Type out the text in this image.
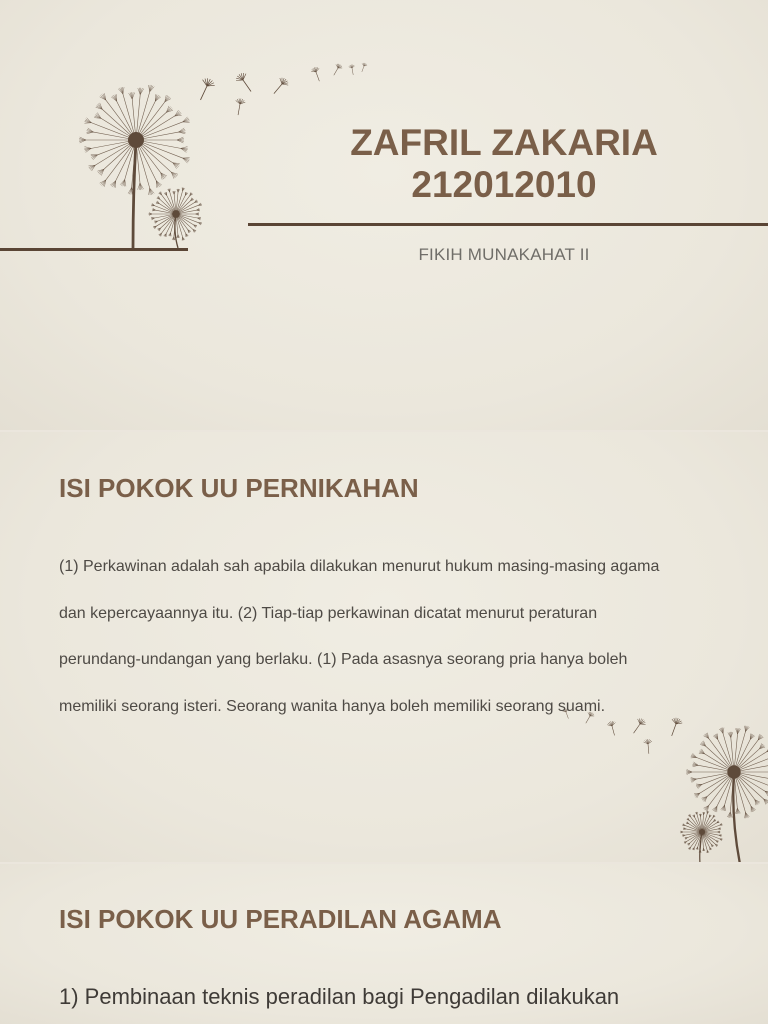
ZAFRIL ZAKARIA
212012010
FIKIH MUNAKAHAT II
ISI POKOK UU PERNIKAHAN

(1) Perkawinan adalah sah apabila dilakukan menurut hukum masing-masing agama dan kepercayaannya itu. (2) Tiap-tiap perkawinan dicatat menurut peraturan perundang-undangan yang berlaku. (1) Pada asasnya seorang pria hanya boleh memiliki seorang isteri. Seorang wanita hanya boleh memiliki seorang suami.

ISI POKOK UU PERADILAN AGAMA

1) Pembinaan teknis peradilan bagi Pengadilan dilakukan
